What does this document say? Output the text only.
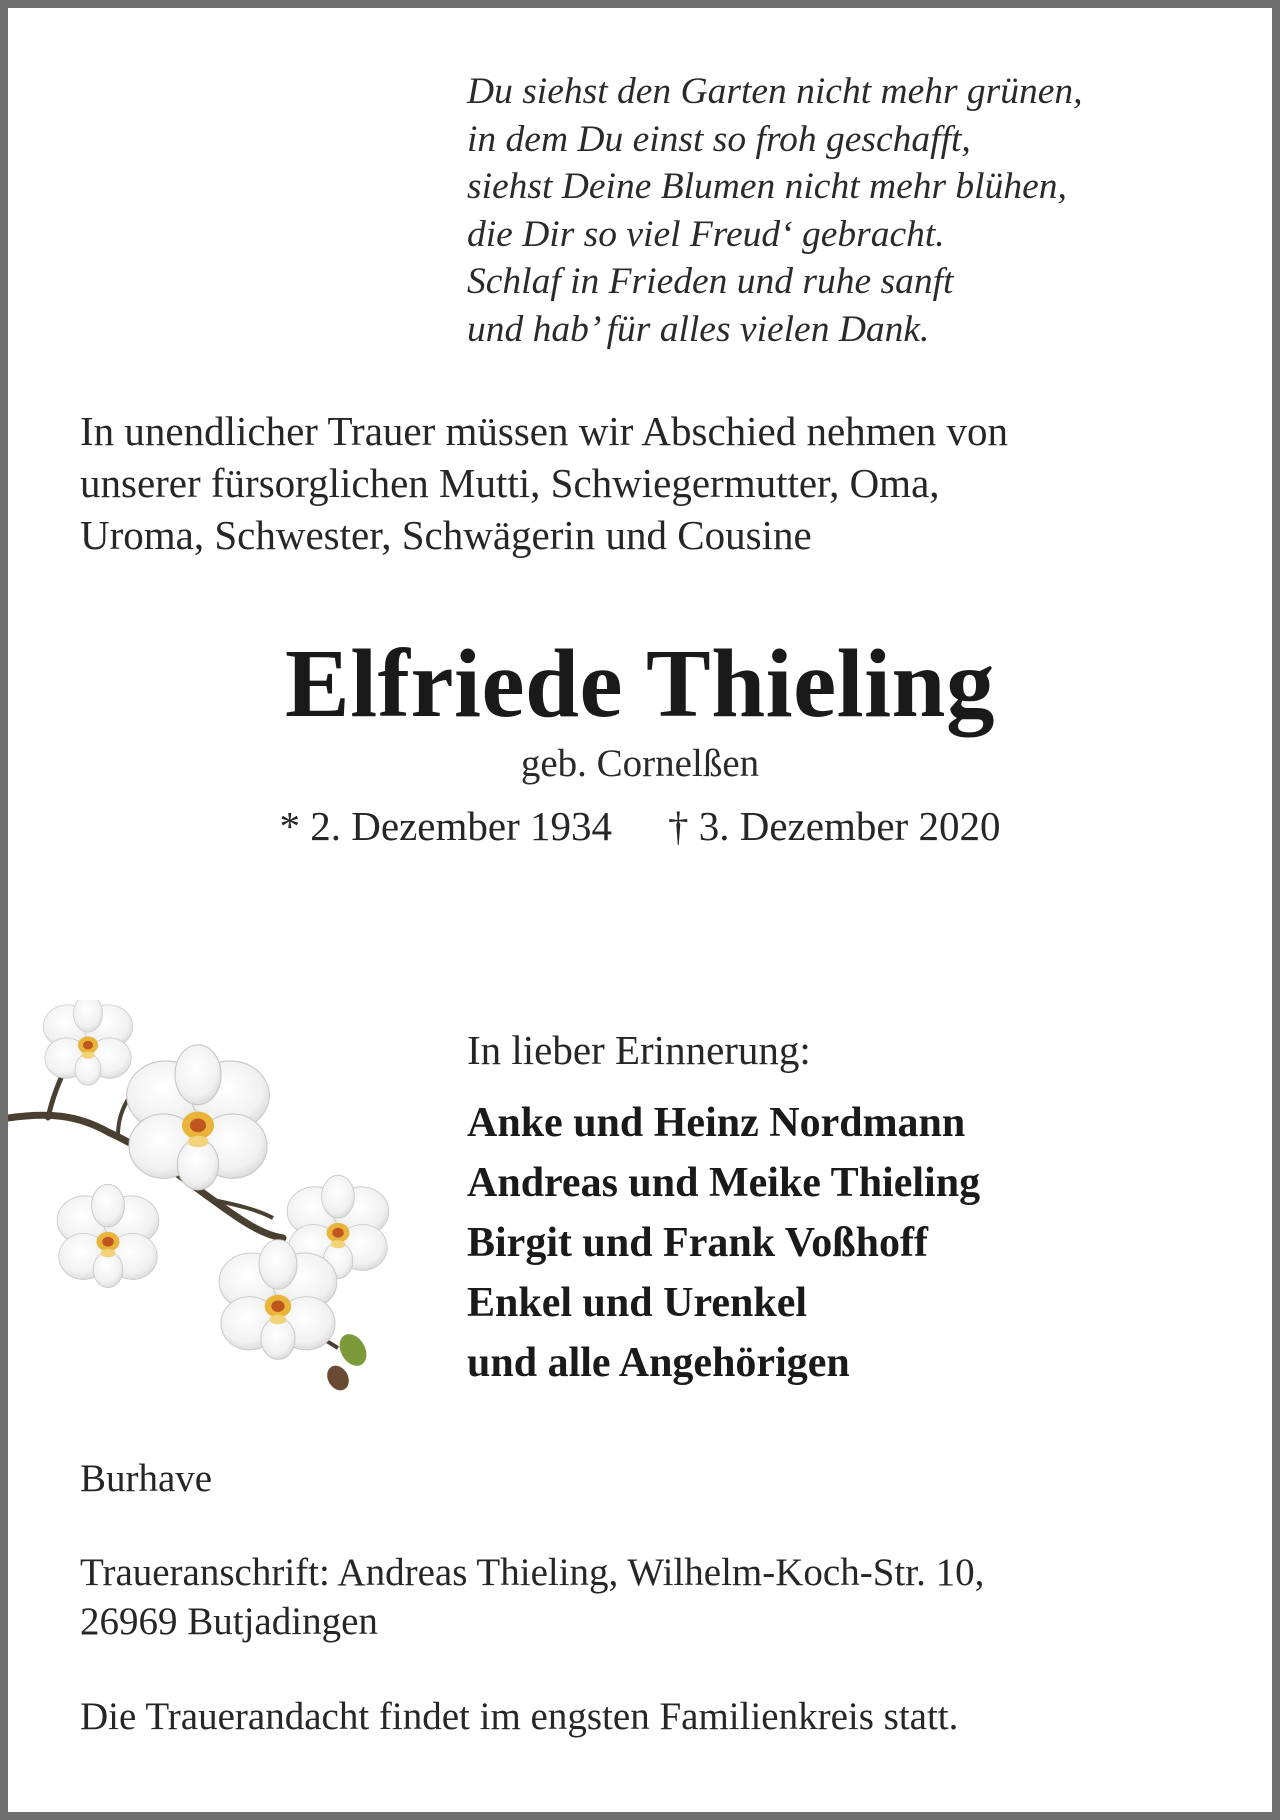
Du siehst den Garten nicht mehr grünen,
in dem Du einst so froh geschafft,
siehst Deine Blumen nicht mehr blühen,
die Dir so viel Freud‘ gebracht.
Schlaf in Frieden und ruhe sanft
und hab’ für alles vielen Dank.
In unendlicher Trauer müssen wir Abschied nehmen von
unserer fürsorglichen Mutti, Schwiegermutter, Oma,
Uroma, Schwester, Schwägerin und Cousine
Elfriede Thieling
geb. Cornelßen
* 2. Dezember 1934 † 3. Dezember 2020
In lieber Erinnerung:
Anke und Heinz Nordmann
Andreas und Meike Thieling
Birgit und Frank Voßhoff
Enkel und Urenkel
und alle Angehörigen
Burhave
Traueranschrift: Andreas Thieling, Wilhelm-Koch-Str. 10,
26969 Butjadingen
Die Trauerandacht findet im engsten Familienkreis statt.
